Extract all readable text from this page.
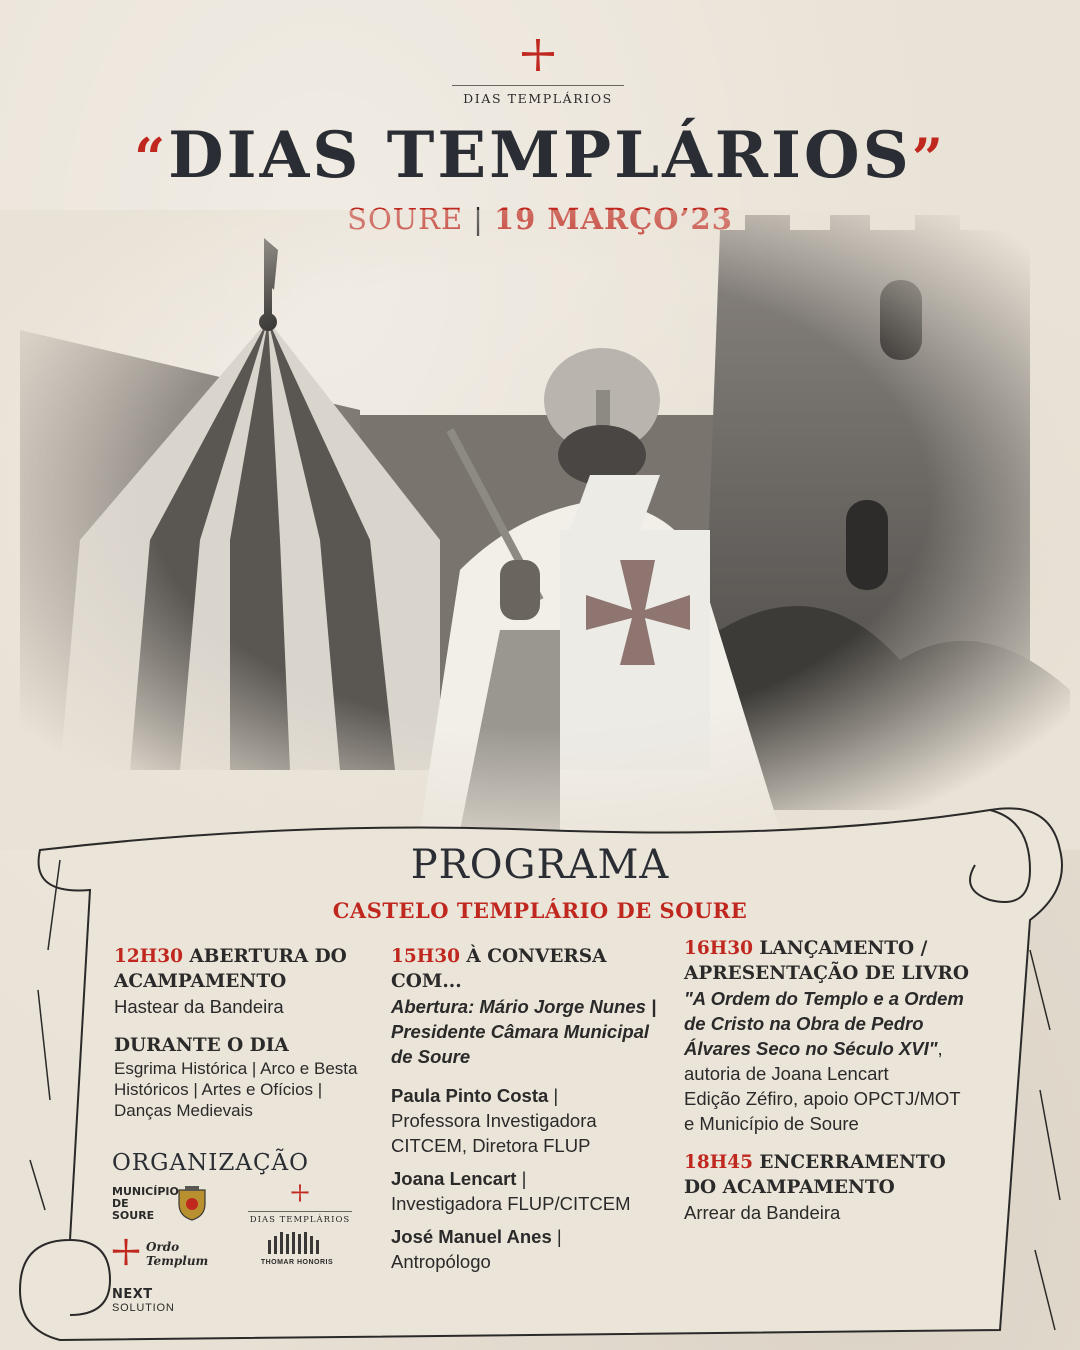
DIAS TEMPLÁRIOS
“DIAS TEMPLÁRIOS”
PROGRAMA
CASTELO TEMPLÁRIO DE SOURE
12H30 ABERTURA DO ACAMPAMENTO
Hastear da Bandeira
DURANTE O DIA
Esgrima Histórica | Arco e Besta Históricos | Artes e Ofícios | Danças Medievais
15H30 À CONVERSA COM...
Abertura: Mário Jorge Nunes | Presidente Câmara Municipal de Soure
Paula Pinto Costa |
Professora Investigadora CITCEM, Diretora FLUP
Joana Lencart |
Investigadora FLUP/CITCEM
José Manuel Anes |
Antropólogo
16H30 LANÇAMENTO / APRESENTAÇÃO DE LIVRO
"A Ordem do Templo e a Ordem de Cristo na Obra de Pedro Álvares Seco no Século XVI", autoria de Joana Lencart
Edição Zéfiro, apoio OPCTJ/MOT e Município de Soure
18H45 ENCERRAMENTO DO ACAMPAMENTO
Arrear da Bandeira
ORGANIZAÇÃO
MUNICÍPIO DE SOURE	DIAS TEMPLÁRIOS
Ordo Templum	THOMAR HONORIS
NEXT
SOLUTION
